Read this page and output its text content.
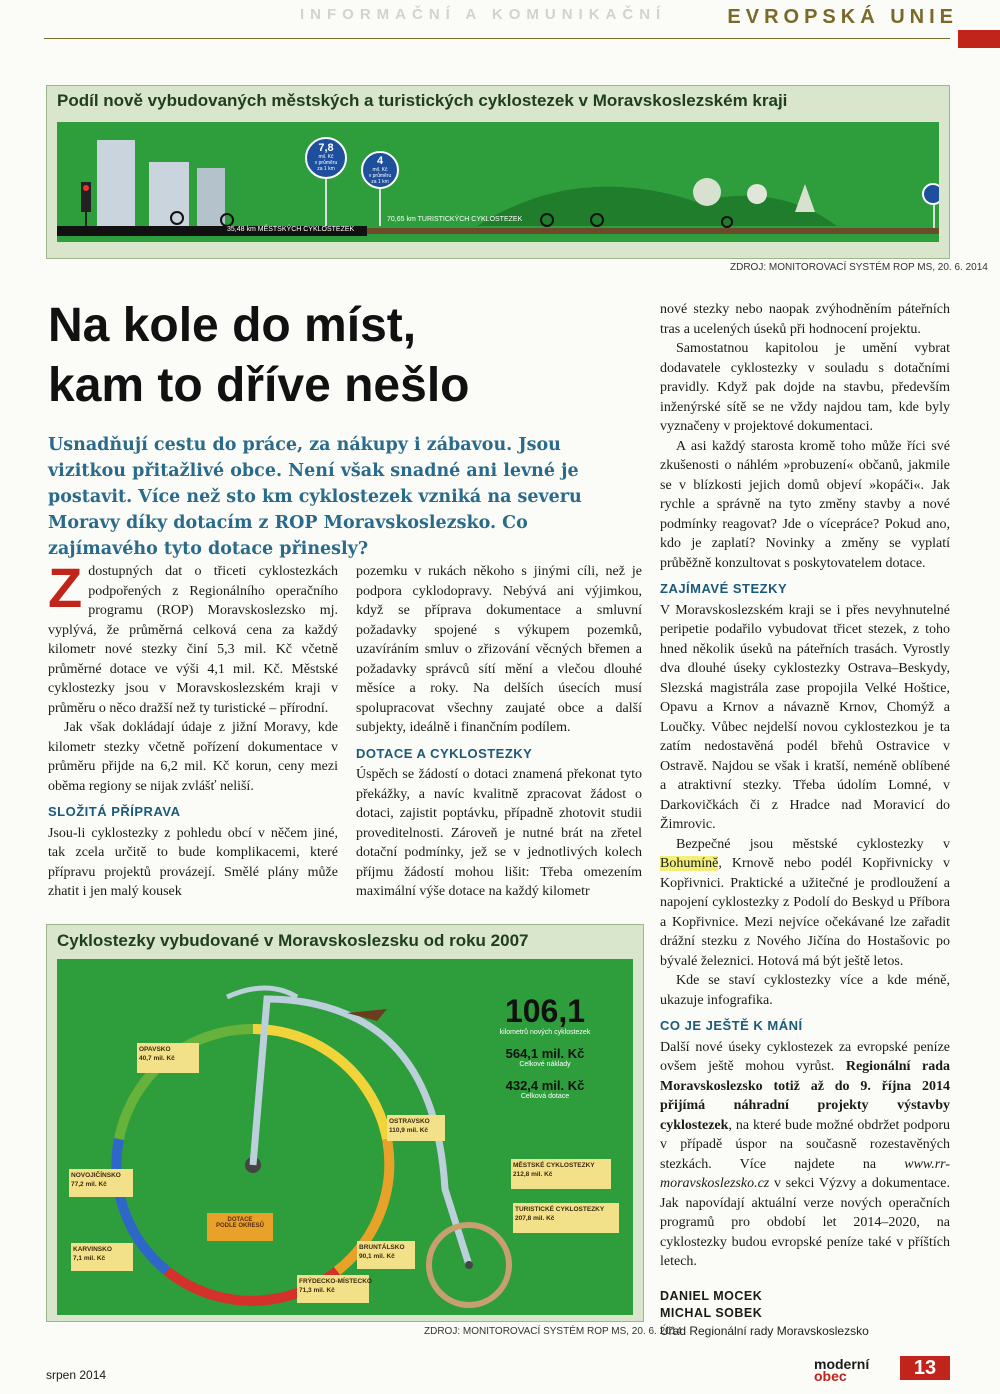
INFORMAČNÍ A KOMUNIKAČNÍ	EVROPSKÁ UNIE
Podíl nově vybudovaných městských a turistických cyklostezek v Moravskoslezském kraji
7,8
mil. Kč
v průměru
za 1 km
4
mil. Kč
v průměru
za 1 km
35,48 km MĚSTSKÝCH CYKLOSTEZEK
70,65 km TURISTICKÝCH CYKLOSTEZEK
ZDROJ: MONITOROVACÍ SYSTÉM ROP MS, 20. 6. 2014
Na kole do míst,
kam to dříve nešlo
Usnadňují cestu do práce, za nákupy i zábavou. Jsou vizitkou přitažlivé obce. Není však snadné ani levné je postavit. Více než sto km cyklostezek vzniká na severu Moravy díky dotacím z ROP Moravskoslezsko. Co zajímavého tyto dotace přinesly?

Zdostupných dat o třiceti cyklostezkách podpořených z Regionálního operačního programu (ROP) Moravskoslezsko mj. vyplývá, že průměrná celková cena za každý kilometr nové stezky činí 5,3 mil. Kč včetně průměrné dotace ve výši 4,1 mil. Kč. Městské cyklostezky jsou v Moravskoslezském kraji v průměru o něco dražší než ty turistické – přírodní.

Jak však dokládají údaje z jižní Moravy, kde kilometr stezky včetně pořízení dokumentace v průměru přijde na 6,2 mil. Kč korun, ceny mezi oběma regiony se nijak zvlášť neliší.

SLOŽITÁ PŘÍPRAVA

Jsou-li cyklostezky z pohledu obcí v něčem jiné, tak zcela určitě to bude komplikacemi, které přípravu projektů provázejí. Smělé plány může zhatit i jen malý kousek

pozemku v rukách někoho s jinými cíli, než je podpora cyklodopravy. Nebývá ani výjimkou, když se příprava dokumentace a smluvní požadavky spojené s výkupem pozemků, uzavíráním smluv o zřizování věcných břemen a požadavky správců sítí mění a vlečou dlouhé měsíce a roky. Na delších úsecích musí spolupracovat všechny zaujaté obce a další subjekty, ideálně i finančním podílem.

DOTACE A CYKLOSTEZKY

Úspěch se žádostí o dotaci znamená překonat tyto překážky, a navíc kvalitně zpracovat žádost o dotaci, zajistit poptávku, případně zhotovit studii proveditelnosti. Zároveň je nutné brát na zřetel dotační podmínky, jež se v jednotlivých kolech příjmu žádostí mohou lišit: Třeba omezením maximální výše dotace na každý kilometr

nové stezky nebo naopak zvýhodněním páteřních tras a ucelených úseků při hodnocení projektu.

Samostatnou kapitolou je umění vybrat dodavatele cyklostezky v souladu s dotačními pravidly. Když pak dojde na stavbu, především inženýrské sítě se ne vždy najdou tam, kde byly vyznačeny v projektové dokumentaci.

A asi každý starosta kromě toho může říci své zkušenosti o náhlém »probuzení« občanů, jakmile se v blízkosti jejich domů objeví »kopáči«. Jak rychle a správně na tyto změny stavby a nové podmínky reagovat? Jde o vícepráce? Pokud ano, kdo je zaplatí? Novinky a změny se vyplatí průběžně konzultovat s poskytovatelem dotace.

ZAJÍMAVÉ STEZKY

V Moravskoslezském kraji se i přes nevyhnutelné peripetie podařilo vybudovat třicet stezek, z toho hned několik úseků na páteřních trasách. Vyrostly dva dlouhé úseky cyklostezky Ostrava–Beskydy, Slezská magistrála zase propojila Velké Hoštice, Opavu a Krnov a návazně Krnov, Chomýž a Loučky. Vůbec nejdelší novou cyklostezkou je ta zatím nedostavěná podél břehů Ostravice v Ostravě. Najdou se však i kratší, neméně oblíbené a atraktivní stezky. Třeba údolím Lomné, v Darkovičkách či z Hradce nad Moravicí do Žimrovic.

Bezpečné jsou městské cyklostezky v Bohumíně, Krnově nebo podél Kopřivnicky v Kopřivnici. Praktické a užitečné je prodloužení a napojení cyklostezky z Podolí do Beskyd u Příbora a Kopřivnice. Mezi nejvíce očekávané lze zařadit drážní stezku z Nového Jičína do Hostašovic po bývalé železnici. Hotová má být ještě letos.

Kde se staví cyklostezky více a kde méně, ukazuje infografika.

CO JE JEŠTĚ K MÁNÍ

Další nové úseky cyklostezek za evropské peníze ovšem ještě mohou vyrůst. Regionální rada Moravskoslezsko totiž až do 9. října 2014 přijímá náhradní projekty výstavby cyklostezek, na které bude možné obdržet podporu v případě úspor na současně rozestavěných stezkách. Více najdete na www.rr-moravskoslezsko.cz v sekci Výzvy a dokumentace. Jak napovídají aktuální verze nových operačních programů pro období let 2014–2020, na cyklostezky budou evropské peníze také v příštích letech.

DANIEL MOCEK
MICHAL SOBEK
Úřad Regionální rady Moravskoslezsko
Cyklostezky vybudované v Moravskoslezsku od roku 2007
106,1
kilometrů nových cyklostezek
564,1 mil. Kč
Celkové náklady
432,4 mil. Kč
Celková dotace
DOTACE
PODLE OKRESŮ
OPAVSKO
40,7 mil. Kč
OSTRAVSKO
110,9 mil. Kč
NOVOJIČÍNSKO
77,2 mil. Kč
MĚSTSKÉ CYKLOSTEZKY
212,8 mil. Kč
TURISTICKÉ CYKLOSTEZKY
207,8 mil. Kč
KARVINSKO
7,1 mil. Kč
BRUNTÁLSKO
90,1 mil. Kč
FRÝDECKO-MÍSTECKO
71,3 mil. Kč
ZDROJ: MONITOROVACÍ SYSTÉM ROP MS, 20. 6. 2014
srpen 2014
moderní
obec	13
